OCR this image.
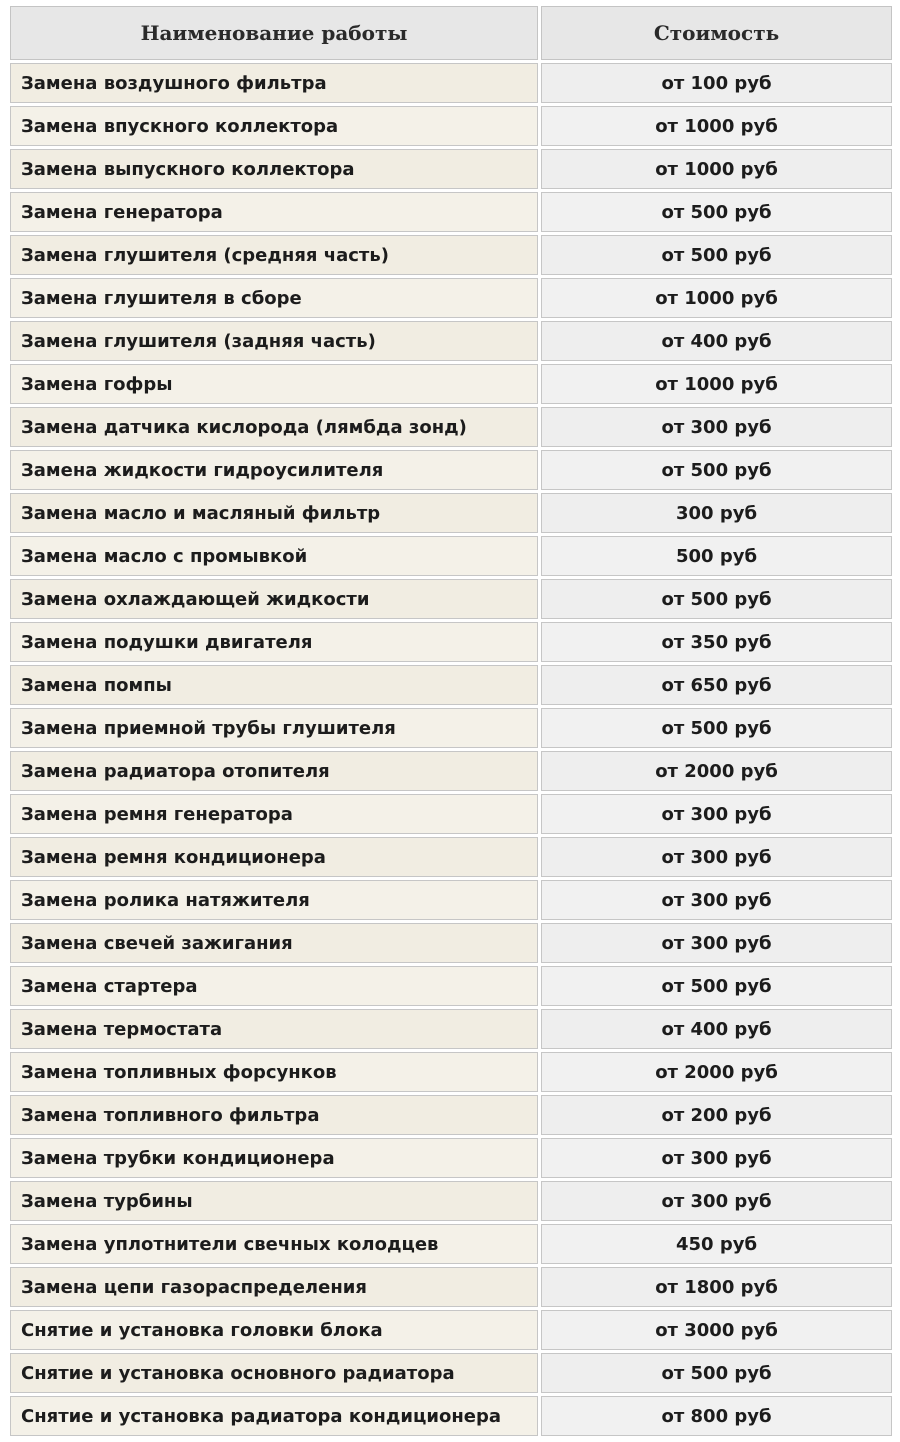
Наименование работы	Стоимость
Замена воздушного фильтра	от 100 руб
Замена впускного коллектора	от 1000 руб
Замена выпускного коллектора	от 1000 руб
Замена генератора	от 500 руб
Замена глушителя (средняя часть)	от 500 руб
Замена глушителя в сборе	от 1000 руб
Замена глушителя (задняя часть)	от 400 руб
Замена гофры	от 1000 руб
Замена датчика кислорода (лямбда зонд)	от 300 руб
Замена жидкости гидроусилителя	от 500 руб
Замена масло и масляный фильтр	300 руб
Замена масло с промывкой	500 руб
Замена охлаждающей жидкости	от 500 руб
Замена подушки двигателя	от 350 руб
Замена помпы	от 650 руб
Замена приемной трубы глушителя	от 500 руб
Замена радиатора отопителя	от 2000 руб
Замена ремня генератора	от 300 руб
Замена ремня кондиционера	от 300 руб
Замена ролика натяжителя	от 300 руб
Замена свечей зажигания	от 300 руб
Замена стартера	от 500 руб
Замена термостата	от 400 руб
Замена топливных форсунков	от 2000 руб
Замена топливного фильтра	от 200 руб
Замена трубки кондиционера	от 300 руб
Замена турбины	от 300 руб
Замена уплотнители свечных колодцев	450 руб
Замена цепи газораспределения	от 1800 руб
Снятие и установка головки блока	от 3000 руб
Снятие и установка основного радиатора	от 500 руб
Снятие и установка радиатора кондиционера	от 800 руб
